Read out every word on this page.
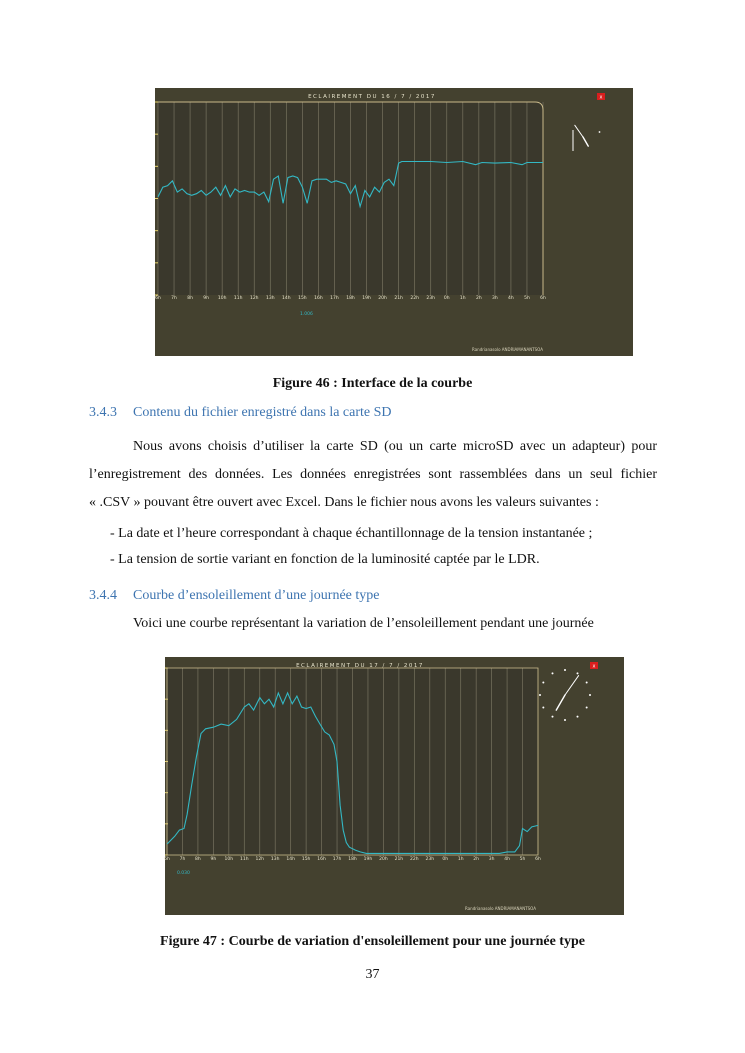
6h 7h 8h 9h 10h 11h 12h 13h 14h 15h 16h 17h 18h 19h 20h 21h 22h 23h 0h 1h 2h 3h 4h 5h 6h
ECLAIREMENT DU 16 / 7 / 2017
1.006
Randrianasolo ANDRIAMANANTSOA
x
Figure 46 : Interface de la courbe
3.4.3 Contenu du fichier enregistré dans la carte SD
Nous avons choisis d’utiliser la carte SD (ou un carte microSD avec un adapteur) pour
l’enregistrement des données. Les données enregistrées sont rassemblées dans un seul fichier
« .CSV » pouvant être ouvert avec Excel. Dans le fichier nous avons les valeurs suivantes :
- La date et l’heure correspondant à chaque échantillonnage de la tension instantanée ;
- La tension de sortie variant en fonction de la luminosité captée par le LDR.
3.4.4 Courbe d’ensoleillement d’une journée type
Voici une courbe représentant la variation de l’ensoleillement pendant une journée
6h 7h 8h 9h 10h 11h 12h 13h 14h 15h 16h 17h 18h 19h 20h 21h 22h 23h 0h 1h 2h 3h 4h 5h 6h
ECLAIREMENT DU 17 / 7 / 2017
0.030
Randrianasolo ANDRIAMANANTSOA
x
Figure 47 : Courbe de variation d'ensoleillement pour une journée type
37
